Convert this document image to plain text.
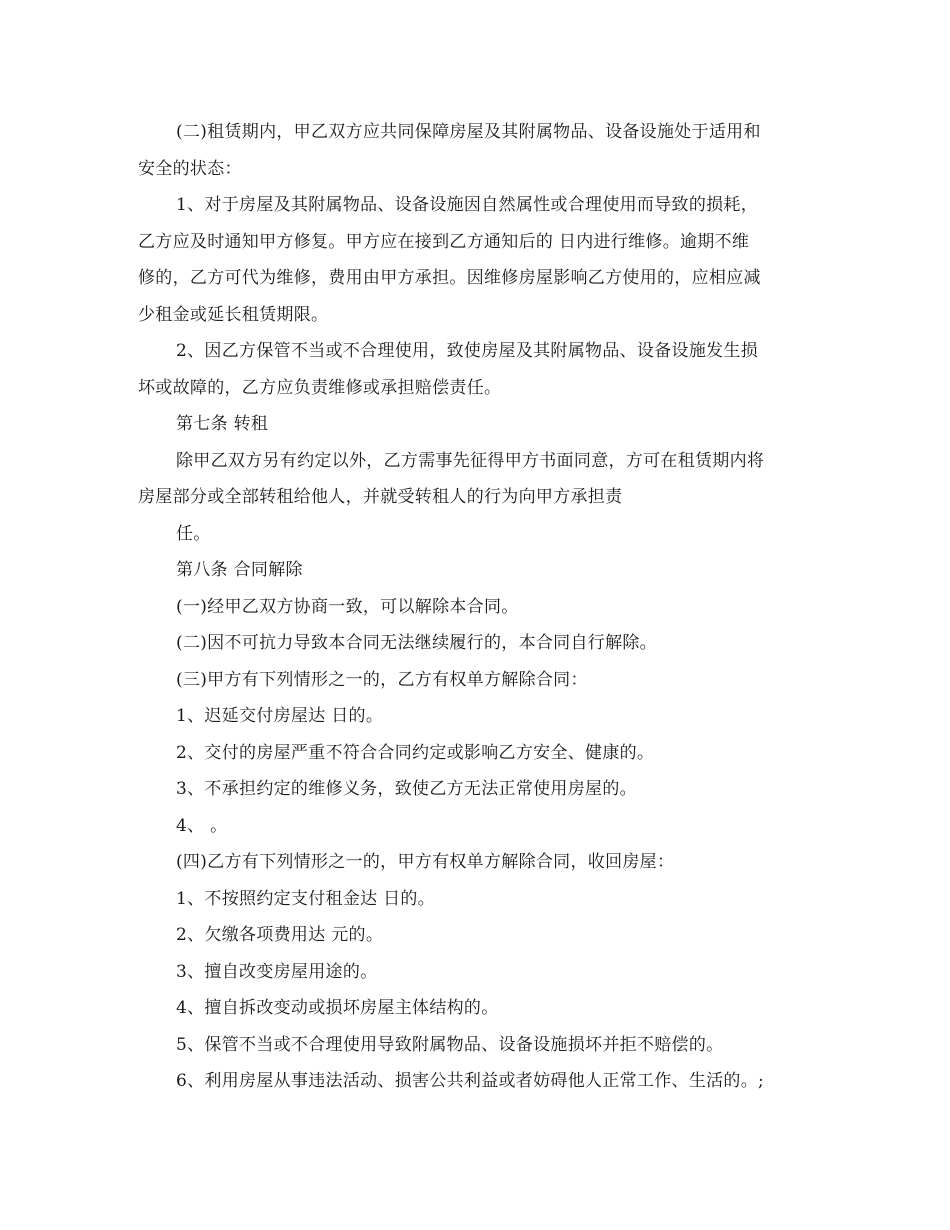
(二)租赁期内，甲乙双方应共同保障房屋及其附属物品、设备设施处于适用和

安全的状态：

1、对于房屋及其附属物品、设备设施因自然属性或合理使用而导致的损耗，

乙方应及时通知甲方修复。甲方应在接到乙方通知后的 日内进行维修。逾期不维

修的，乙方可代为维修，费用由甲方承担。因维修房屋影响乙方使用的，应相应减

少租金或延长租赁期限。

2、因乙方保管不当或不合理使用，致使房屋及其附属物品、设备设施发生损

坏或故障的，乙方应负责维修或承担赔偿责任。

第七条 转租

除甲乙双方另有约定以外，乙方需事先征得甲方书面同意，方可在租赁期内将

房屋部分或全部转租给他人，并就受转租人的行为向甲方承担责

任。

第八条 合同解除

(一)经甲乙双方协商一致，可以解除本合同。

(二)因不可抗力导致本合同无法继续履行的，本合同自行解除。

(三)甲方有下列情形之一的，乙方有权单方解除合同：

1、迟延交付房屋达 日的。

2、交付的房屋严重不符合合同约定或影响乙方安全、健康的。

3、不承担约定的维修义务，致使乙方无法正常使用房屋的。

4、 。

(四)乙方有下列情形之一的，甲方有权单方解除合同，收回房屋：

1、不按照约定支付租金达 日的。

2、欠缴各项费用达 元的。

3、擅自改变房屋用途的。

4、擅自拆改变动或损坏房屋主体结构的。

5、保管不当或不合理使用导致附属物品、设备设施损坏并拒不赔偿的。

6、利用房屋从事违法活动、损害公共利益或者妨碍他人正常工作、生活的。;
